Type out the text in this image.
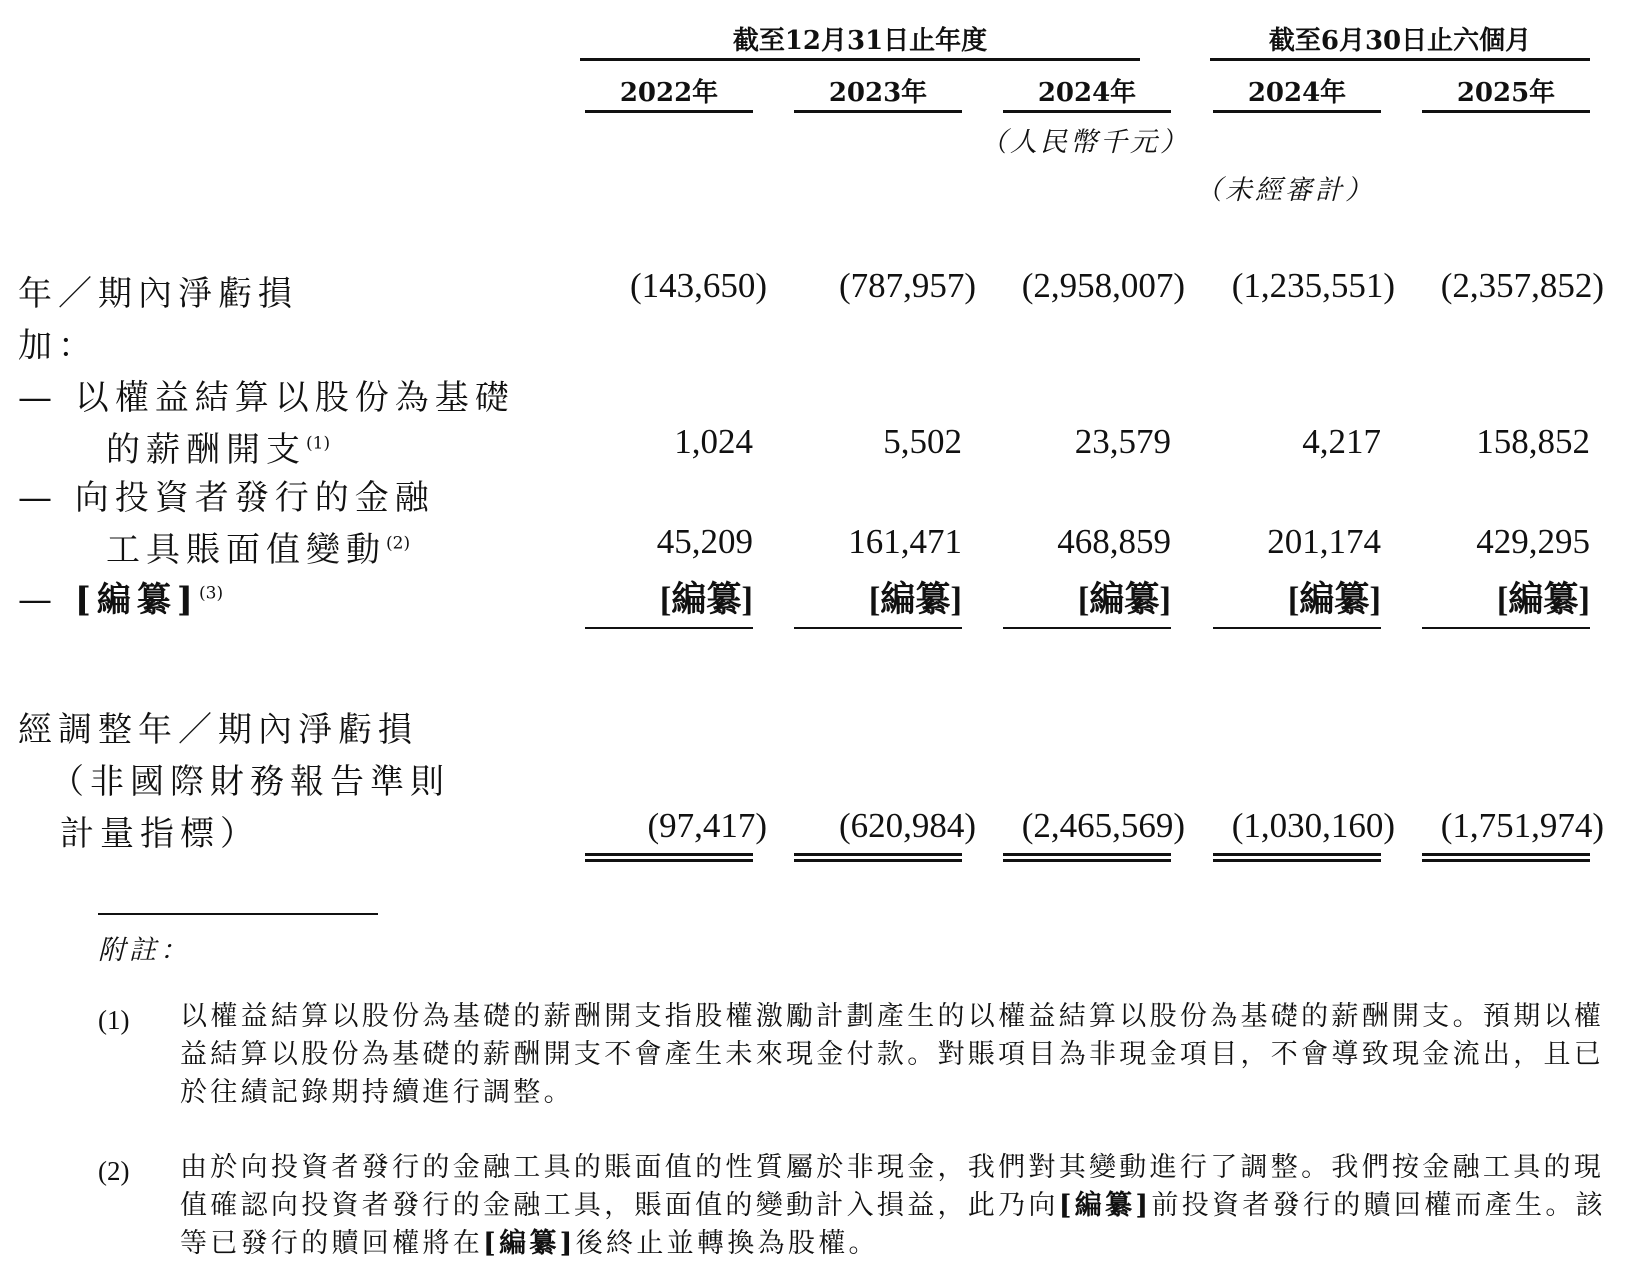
截至12月31日止年度	截至6月30日止六個月
2022年	2023年	2024年	2024年	2025年
（人民幣千元）
（未經審計）
年／期內淨虧損	(143,650)	(787,957)	(2,958,007)	(1,235,551)	(2,357,852)
加：
— 以權益結算以股份為基礎
的薪酬開支$^{(1)}$	1,024	5,502	23,579	4,217	158,852
— 向投資者發行的金融
工具賬面值變動$^{(2)}$	45,209	161,471	468,859	201,174	429,295
— [編纂]$^{(3)}$	[編纂]	[編纂]	[編纂]	[編纂]	[編纂]
經調整年／期內淨虧損
（非國際財務報告準則
計量指標）	(97,417)	(620,984)	(2,465,569)	(1,030,160)	(1,751,974)
附註：
(1) 以權益結算以股份為基礎的薪酬開支指股權激勵計劃產生的以權益結算以股份為基礎的薪酬開支。預期以權益結算以股份為基礎的薪酬開支不會產生未來現金付款。對賬項目為非現金項目，不會導致現金流出，且已於往績記錄期持續進行調整。
(2) 由於向投資者發行的金融工具的賬面值的性質屬於非現金，我們對其變動進行了調整。我們按金融工具的現值確認向投資者發行的金融工具，賬面值的變動計入損益，此乃向[編纂]前投資者發行的贖回權而產生。該等已發行的贖回權將在[編纂]後終止並轉換為股權。
